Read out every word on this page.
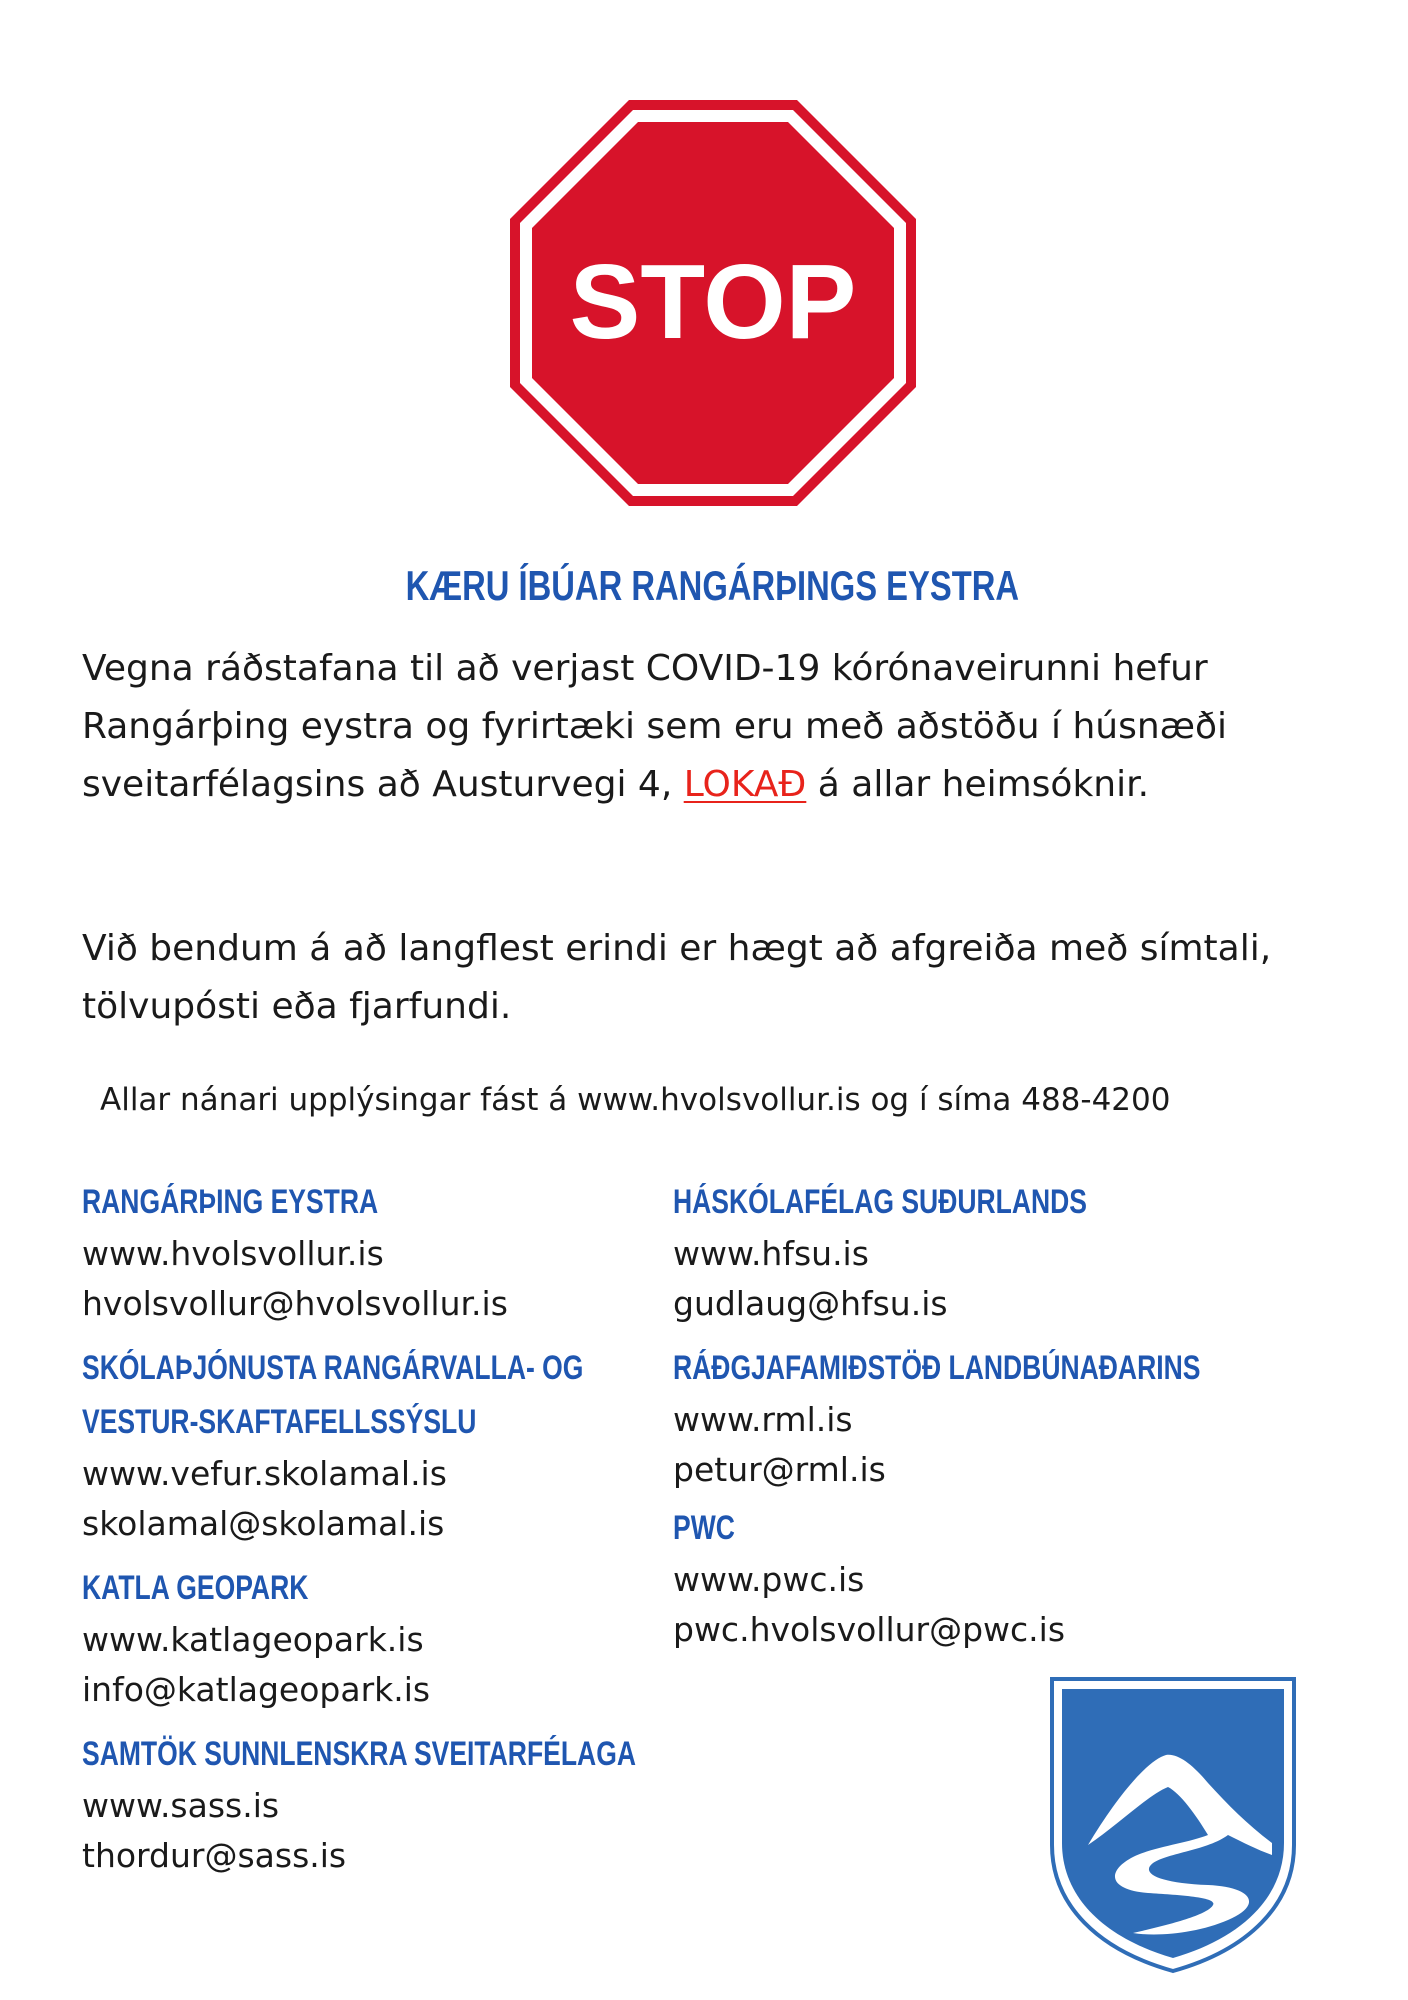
STOP
KÆRU ÍBÚAR RANGÁRÞINGS EYSTRA

Vegna ráðstafana til að verjast COVID-19 kórónaveirunni hefur Rangárþing eystra og fyrirtæki sem eru með aðstöðu í húsnæði sveitarfélagsins að Austurvegi 4, LOKAÐ á allar heimsóknir.

Við bendum á að langflest erindi er hægt að afgreiða með símtali, tölvupósti eða fjarfundi.

Allar nánari upplýsingar fást á www.hvolsvollur.is og í síma 488-4200

RANGÁRÞING EYSTRA
www.hvolsvollur.is
hvolsvollur@hvolsvollur.is
SKÓLAÞJÓNUSTA RANGÁRVALLA- OG
VESTUR-SKAFTAFELLSSÝSLU
www.vefur.skolamal.is
skolamal@skolamal.is
KATLA GEOPARK
www.katlageopark.is
info@katlageopark.is
SAMTÖK SUNNLENSKRA SVEITARFÉLAGA
www.sass.is
thordur@sass.is
HÁSKÓLAFÉLAG SUÐURLANDS
www.hfsu.is
gudlaug@hfsu.is
RÁÐGJAFAMIÐSTÖÐ LANDBÚNAÐARINS
www.rml.is
petur@rml.is
PWC
www.pwc.is
pwc.hvolsvollur@pwc.is
